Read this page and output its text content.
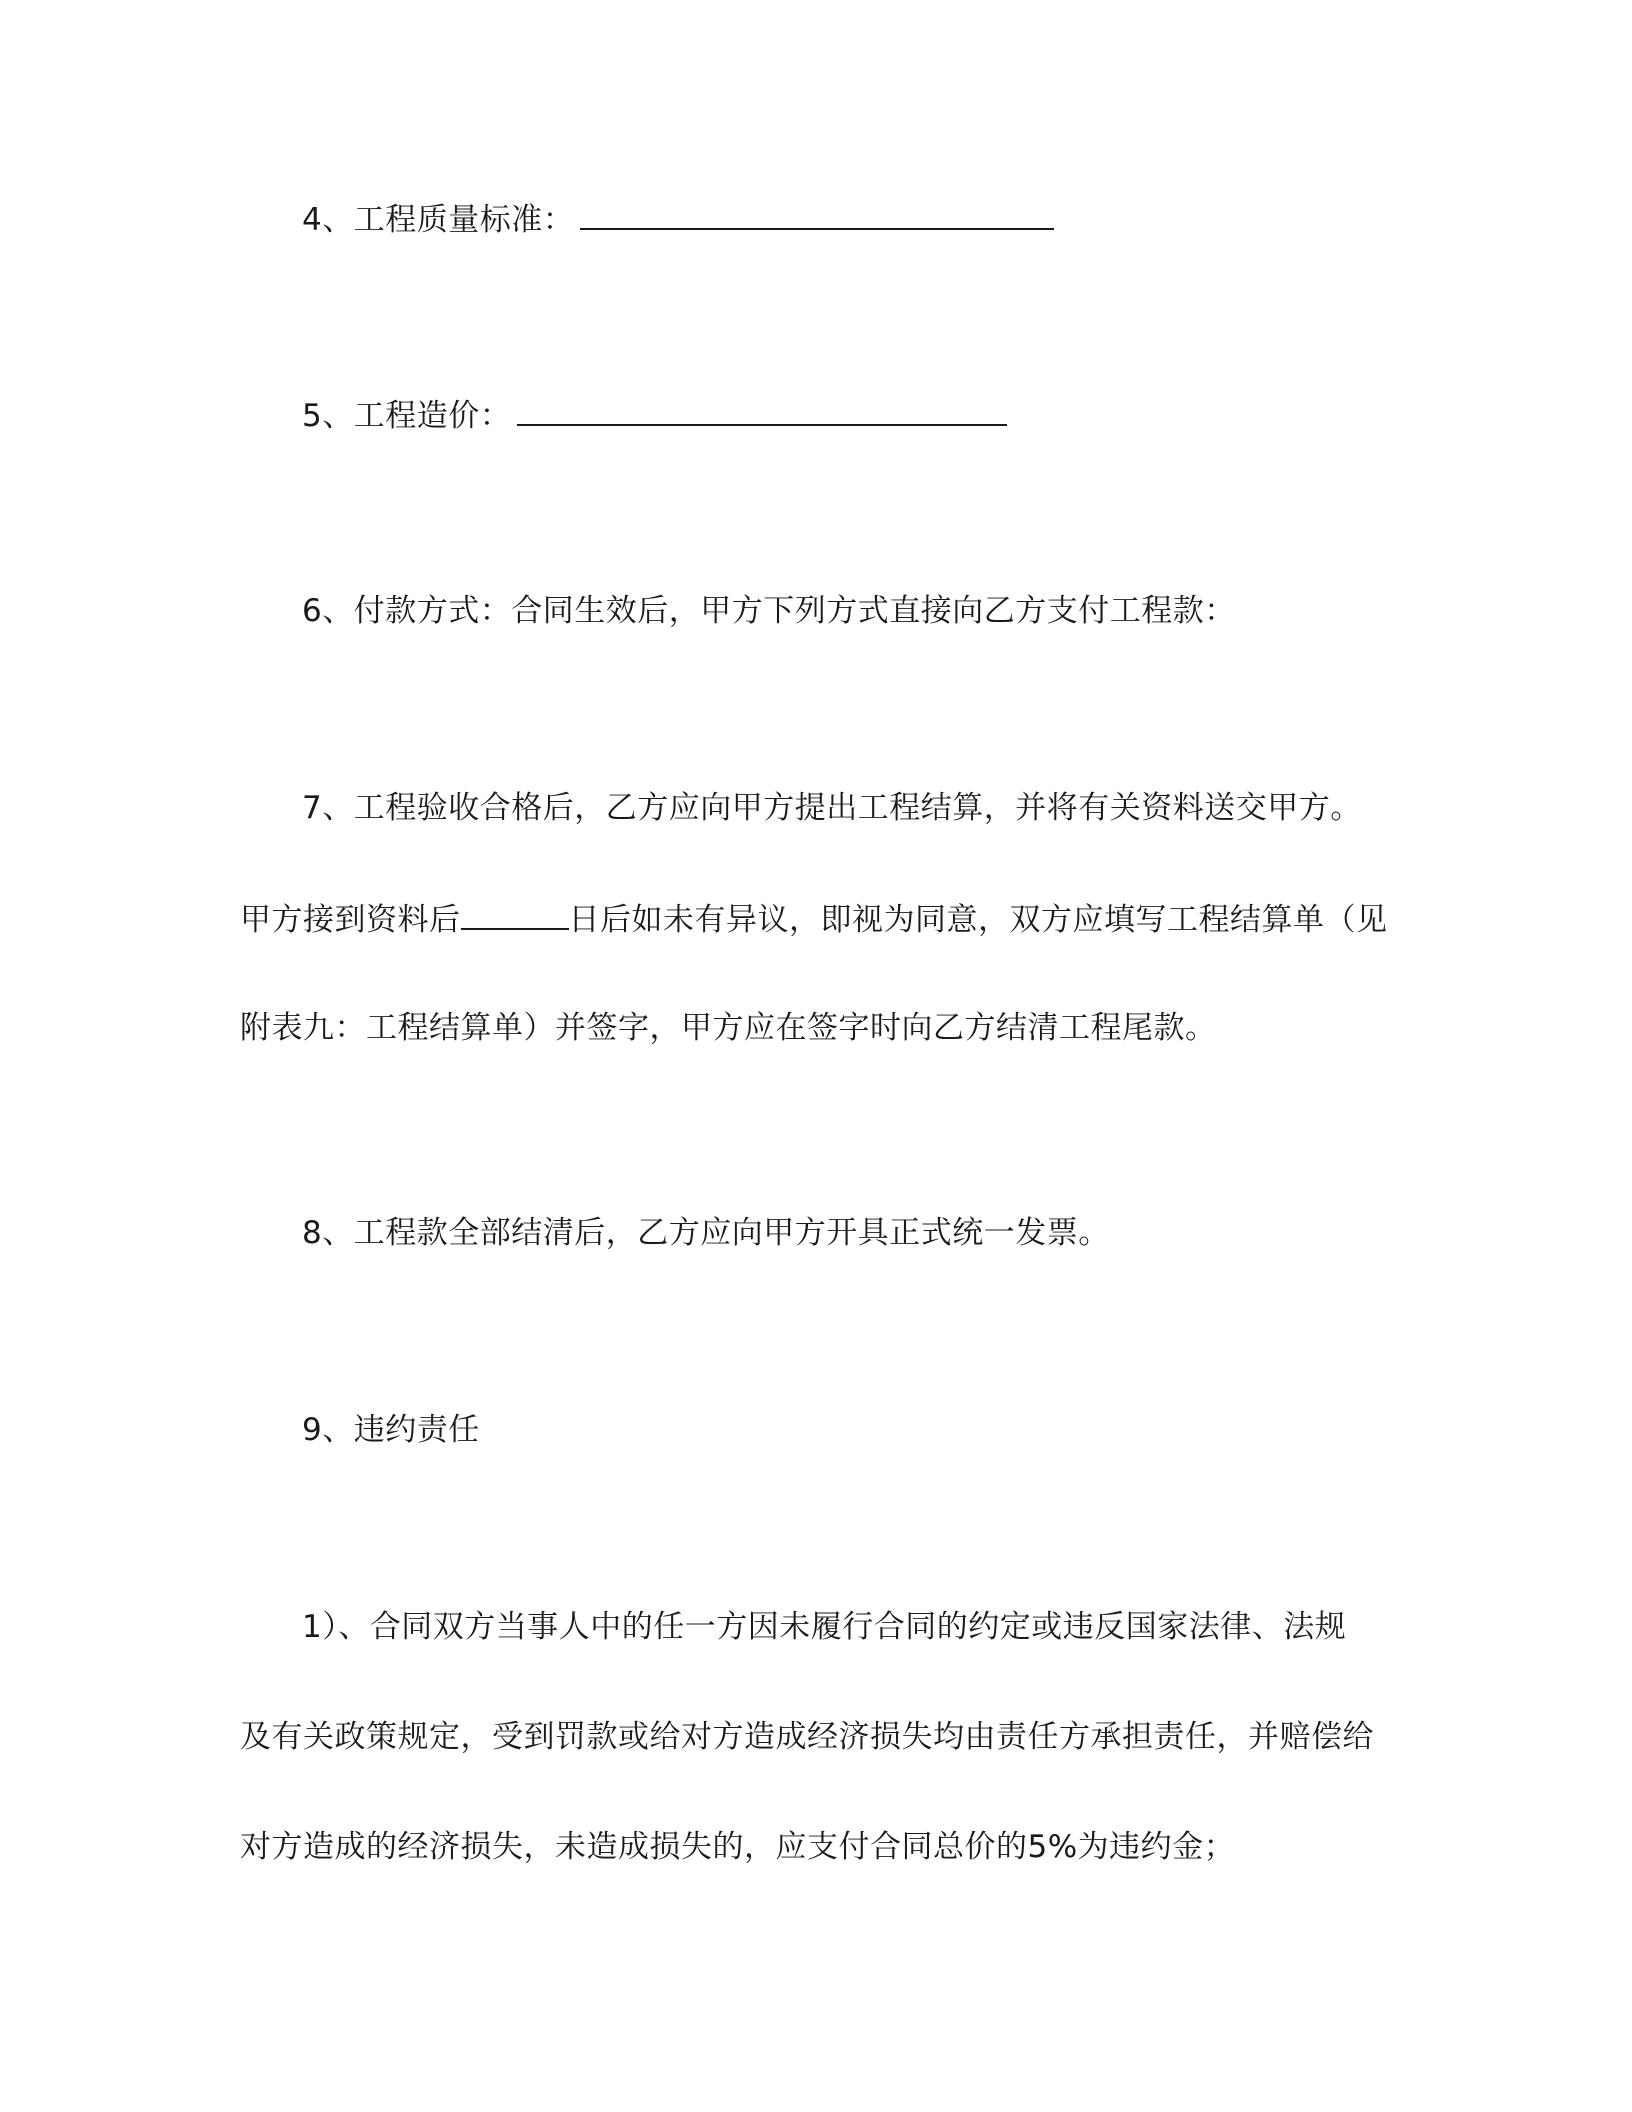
4、工程质量标准：
5、工程造价：
6、付款方式：合同生效后，甲方下列方式直接向乙方支付工程款：
7、工程验收合格后，乙方应向甲方提出工程结算，并将有关资料送交甲方。
甲方接到资料后	日后如未有异议，即视为同意，双方应填写工程结算单（见
附表九：工程结算单）并签字，甲方应在签字时向乙方结清工程尾款。
8、工程款全部结清后，乙方应向甲方开具正式统一发票。
9、违约责任
1）、合同双方当事人中的任一方因未履行合同的约定或违反国家法律、法规
及有关政策规定，受到罚款或给对方造成经济损失均由责任方承担责任，并赔偿给
对方造成的经济损失，未造成损失的，应支付合同总价的5%为违约金；
